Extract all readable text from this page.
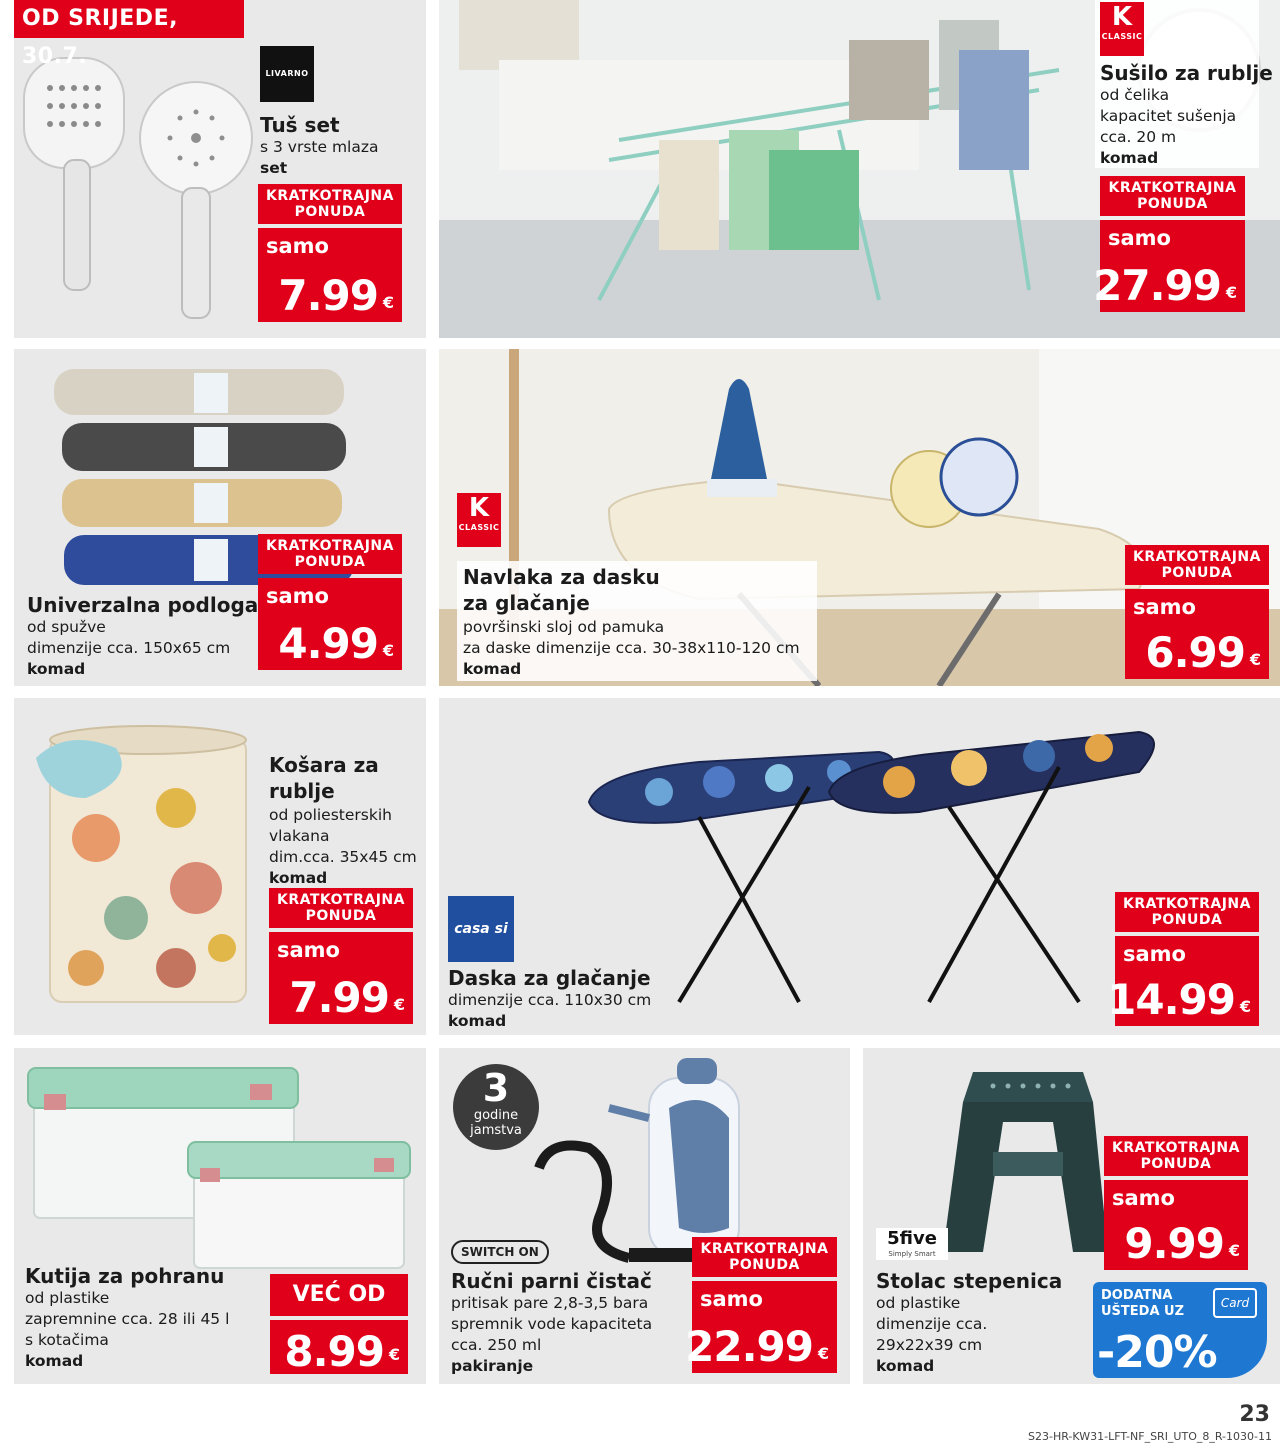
LIVARNO
Tuš set
s 3 vrste mlaza
set
KRATKOTRAJNA
PONUDA
samo
7.99 €
OD SRIJEDE, 30.7.
K
CLASSIC
Sušilo za rublje
od čelika
kapacitet sušenja
cca. 20 m
komad
KRATKOTRAJNA
PONUDA
samo
27.99 €
Univerzalna podloga
od spužve
dimenzije cca. 150x65 cm
komad
KRATKOTRAJNA
PONUDA
samo
4.99 €
K
CLASSIC
Navlaka za dasku
za glačanje
površinski sloj od pamuka
za daske dimenzije cca. 30-38x110-120 cm
komad
KRATKOTRAJNA
PONUDA
samo
6.99 €
Košara za
rublje
od poliesterskih
vlakana
dim.cca. 35x45 cm
komad
KRATKOTRAJNA
PONUDA
samo
7.99 €
casa si
Daska za glačanje
dimenzije cca. 110x30 cm
komad
KRATKOTRAJNA
PONUDA
samo
14.99 €
Kutija za pohranu
od plastike
zapremnine cca. 28 ili 45 l
s kotačima
komad
VEĆ OD
8.99 €
3
godine
jamstva
SWITCH ON
Ručni parni čistač
pritisak pare 2,8-3,5 bara
spremnik vode kapaciteta
cca. 250 ml
pakiranje
KRATKOTRAJNA
PONUDA
samo
22.99 €
5five
Simply Smart
Stolac stepenica
od plastike
dimenzije cca.
29x22x39 cm
komad
KRATKOTRAJNA
PONUDA
samo
9.99 €
DODATNA
UŠTEDA UZ
Card
-20%
23
S23-HR-KW31-LFT-NF_SRI_UTO_8_R-1030-11
